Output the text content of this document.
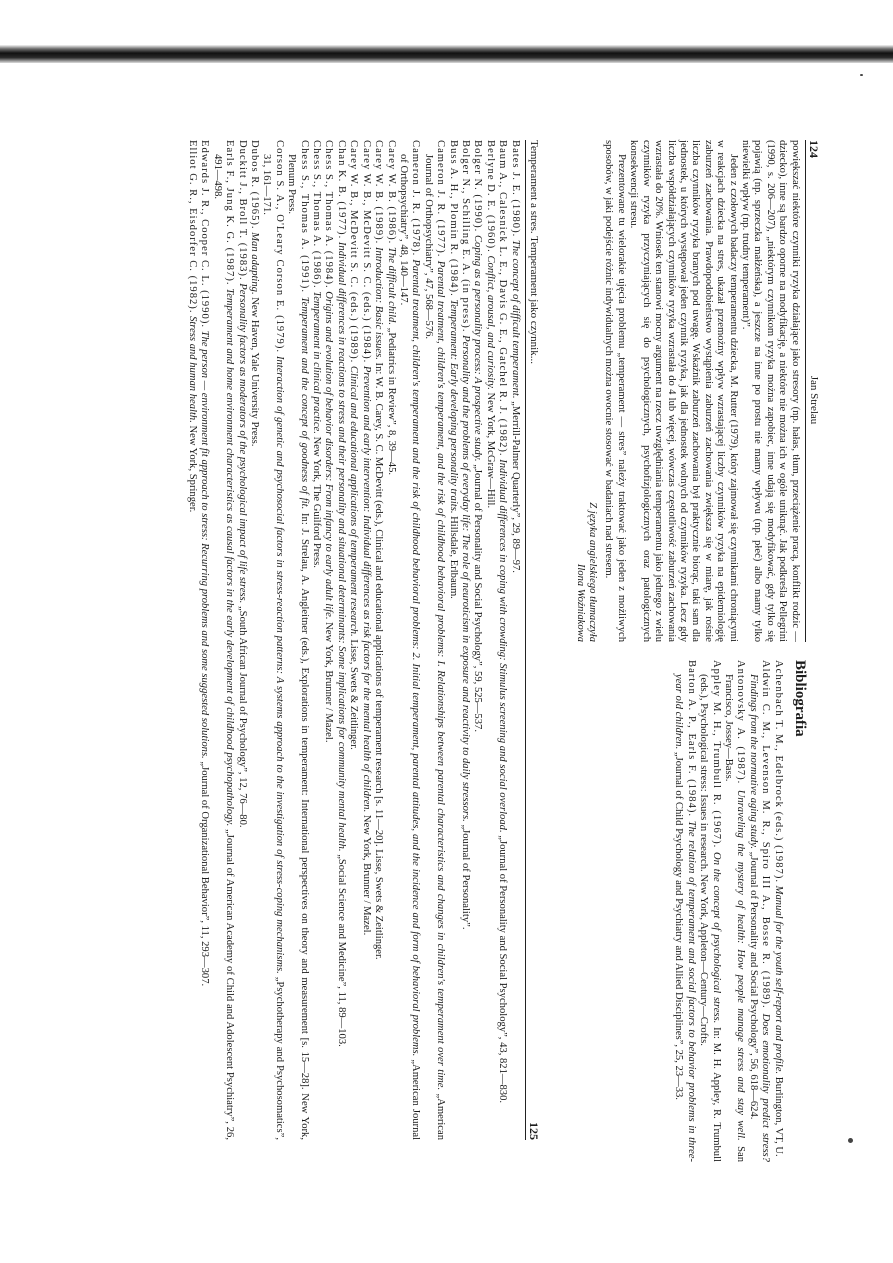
124
Jan Strelau

powiększać niektóre czynniki ryzyka działające jako stresory (np. hałas, tłum, przeciążenie pracą, konflikt rodzic — dziecko), inne są bardzo oporne na modyfikację, a niektóre nie można ich w ogóle uniknąć. Jak podkreśla Pellegrini (1990, s. 206—207), „niektórym czynnikom ryzyka można zapobiec, inne udają się modyfikować, gdy tylko się pojawią (np. sprzeczka małżeńska), a jeszcze na inne po prostu nie mamy wpływu (np. płeć) albo mamy tylko niewielki wpływ (np. trudny temperament)”.

Jeden z czołowych badaczy temperamentu dziecka, M. Rutter (1979), który zajmował się czynnikami chroniącymi w reakcjach dziecka na stres, ukazał przemożny wpływ wzrastającej liczby czynników ryzyka na epidemiologię zaburzeń zachowania. Prawdopodobieństwo wystąpienia zaburzeń zachowania zwiększa się w miarę, jak rośnie liczba czynników ryzyka branych pod uwagę. Wskaźnik zaburzeń zachowania był praktycznie biorąc, taki sam dla jednostek, u których występował jeden czynnik ryzyka, jak dla jednostek wolnych od czynników ryzyka. Lecz gdy liczba współdziałających czynników ryzyka wzrastała do 4 lub więcej, wówczas częstotliwość zaburzeń zachowania wzrastała do 20%. Wniosek ten stanowi mocny argument na rzecz uwzględniania temperamentu jako jednego z wielu czynników ryzyka przyczyniających się do psychologicznych, psychofizjologicznych oraz patologicznych konsekwencji stresu.

Prezentowane tu wielorakie ujęcia problemu „temperament — stres” należy traktować jako jeden z możliwych sposobów, w jaki podejście różnic indywidualnych można owocnie stosować w badaniach nad stresem.

Z języka angielskiego tłumaczyła
Ilona Woźniakowa
Bibliografia
Achenbach T. M., Edelbrock (eds.) (1987). Manual for the youth self-report and profile. Burlington, VT, U.
Aldwin C. M., Levenson M. R., Spiro III A., Bosse R. (1989). Does emotionality predict stress? Findings from the normative aging study. „Journal of Personality and Social Psychology”, 56, 618—624.
Antonovsky A. (1987). Unraveling the mystery of health: How people manage stress and stay well. San Francisco, Jossey—Bass.
Appley M. H., Trumbull R. (1967). On the concept of psychological stress. In: M. H. Appley, R. Trumbull (eds.), Psychological stress: Issues in research. New York, Appleton—Century—Crofts.
Barton A. P., Earls F. (1984). The relation of temperament and social factors to behavior problems in three-year old children. „Journal of Child Psychology and Psychiatry and Allied Disciplines”, 25, 23—33.
Temperament a stres. Temperament jako czynnik...
125
Bates J. E. (1980). The concept of difficult temperament. „Merrill-Palmer Quarterly”, 29, 89—97.
Baum A., Calesnick L. E., Davis G. E., Gatchel R. J. (1982). Individual differences in coping with crowding: Stimulus screening and social overload. „Journal of Personality and Social Psychology”, 43, 821—830.
Berlyne D. E. (1960). Conflict, arousal, and curiosity. New York, McGraw—Hill.
Bolger N. (1990). Coping as a personality process: A prospective study. „Journal of Personality and Social Psychology”, 59, 525—537.
Bolger N., Schilling E. A. (in press). Personality and the problems of everyday life: The role of neuroticism in exposure and reactivity to daily stressors. „Journal of Personality”.
Buss A. H., Plomin R. (1984). Temperament: Early developing personality traits. Hillsdale, Erlbaum.
Cameron J. R. (1977). Parental treatment, children's temperament, and the risk of childhood behavioral problems: I. Relationships between parental characteristics and changes in children's temperament over time. „American Journal of Orthopsychiatry”, 47, 568—576.
Cameron J. R. (1978). Parental treatment, children's temperament and the risk of childhood behavioral problems: 2. Initial temperament, parental attitudes, and the incidence and form of behavioral problems. „American Journal of Orthopsychiatry”, 48, 140—147.
Carey W. B. (1986). The difficult child. „Pediatrics in Review”, 8, 39—45.
Carey W. B. (1989). Introduction: Basic issues. In: W. B. Carey, S. C. McDevitt (eds.), Clinical and educational applications of temperament research [s. 11—20]. Lisse, Swets & Zeitlinger.
Carey W. B., McDevitt S. C. (eds.) (1984). Prevention and early intervention: Individual differences as risk factors for the mental health of children. New York, Brunner / Mazel.
Carey W. B., McDevitt S. C. (eds.) (1989). Clinical and educational applications of temperament research. Lisse, Swets & Zeitlinger.
Chan K. B. (1977). Individual differences in reactions to stress and their personality and situational determinants: Some implications for community mental health. „Social Science and Medicine”, 11, 89—103.
Chess S., Thomas A. (1984). Origins and evolution of behavior disorders: From infancy to early adult life. New York, Brunner / Mazel.
Chess S., Thomas A. (1986). Temperament in clinical practice. New York, The Guilford Press.
Chess S., Thomas A. (1991). Temperament and the concept of goodness of fit. In: J. Strelau, A. Angleitner (eds.), Explorations in temperament: International perspectives on theory and measurement [s. 15—28]. New York, Plenum Press.
Corson S. A., O'Leary Corson E. (1979). Interaction of genetic and psychosocial factors in stress-reaction patterns: A systems approach to the investigation of stress-coping mechanisms. „Psychotherapy and Psychosomatics”, 31, 161—171.
Dubos R. (1965). Man adapting. New Haven, Yale University Press.
Duckitt J., Broll T. (1983). Personality factors as moderators of the psychological impact of life stress. „South African Journal of Psychology”, 12, 76—80.
Earls F., Jung K. G. (1987). Temperament and home environment characteristics as causal factors in the early development of childhood psychopathology. „Journal of American Academy of Child and Adolescent Psychiatry”, 26, 491—498.
Edwards J. R., Cooper C. L. (1990). The person — environment fit approach to stress: Recurring problems and some suggested solutions. „Journal of Organizational Behavior”, 11, 293—307.
Elliot G. R., Eisdorfer C. (1982). Stress and human health. New York, Springer.
